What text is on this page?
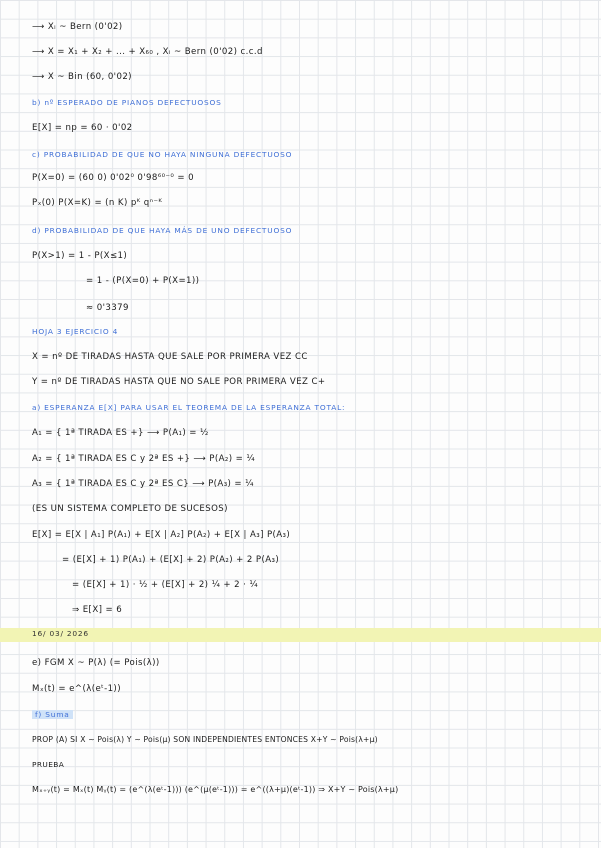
⟶ Xᵢ ~ Bern (0'02)
⟶ X = X₁ + X₂ + ... + X₆₀ , Xᵢ ~ Bern (0'02) c.c.d
⟶ X ~ Bin (60, 0'02)
b) nº ESPERADO DE PIANOS DEFECTUOSOS
E[X] = np = 60 · 0'02
c) PROBABILIDAD DE QUE NO HAYA NINGUNA DEFECTUOSO
P(X=0) = (60 0) 0'02⁰ 0'98⁶⁰⁻⁰ = 0
Pₓ(0) P(X=K) = (n K) pᴷ qⁿ⁻ᴷ
d) PROBABILIDAD DE QUE HAYA MÁS DE UNO DEFECTUOSO
P(X>1) = 1 - P(X≤1)
= 1 - (P(X=0) + P(X=1))
≈ 0'3379
HOJA 3 EJERCICIO 4
X = nº DE TIRADAS HASTA QUE SALE POR PRIMERA VEZ CC
Y = nº DE TIRADAS HASTA QUE NO SALE POR PRIMERA VEZ C+
a) ESPERANZA E[X] PARA USAR EL TEOREMA DE LA ESPERANZA TOTAL:
A₁ = { 1ª TIRADA ES +} ⟶ P(A₁) = ½
A₂ = { 1ª TIRADA ES C y 2ª ES +} ⟶ P(A₂) = ¼
A₃ = { 1ª TIRADA ES C y 2ª ES C} ⟶ P(A₃) = ¼
(ES UN SISTEMA COMPLETO DE SUCESOS)
E[X] = E[X | A₁] P(A₁) + E[X | A₂] P(A₂) + E[X | A₃] P(A₃)
= (E[X] + 1) P(A₁) + (E[X] + 2) P(A₂) + 2 P(A₃)
= (E[X] + 1) · ½ + (E[X] + 2) ¼ + 2 · ¼
⇒ E[X] = 6
16/ 03/ 2026
e) FGM X ~ P(λ) (= Pois(λ))
Mₓ(t) = e^(λ(eᵗ-1))
f) Suma
PROP (A) SI X ~ Pois(λ) Y ~ Pois(μ) SON INDEPENDIENTES ENTONCES X+Y ~ Pois(λ+μ)
PRUEBA
Mₓ₊ᵧ(t) = Mₓ(t) Mᵧ(t) = (e^(λ(eᵗ-1))) (e^(μ(eᵗ-1))) = e^((λ+μ)(eᵗ-1)) ⇒ X+Y ~ Pois(λ+μ)
